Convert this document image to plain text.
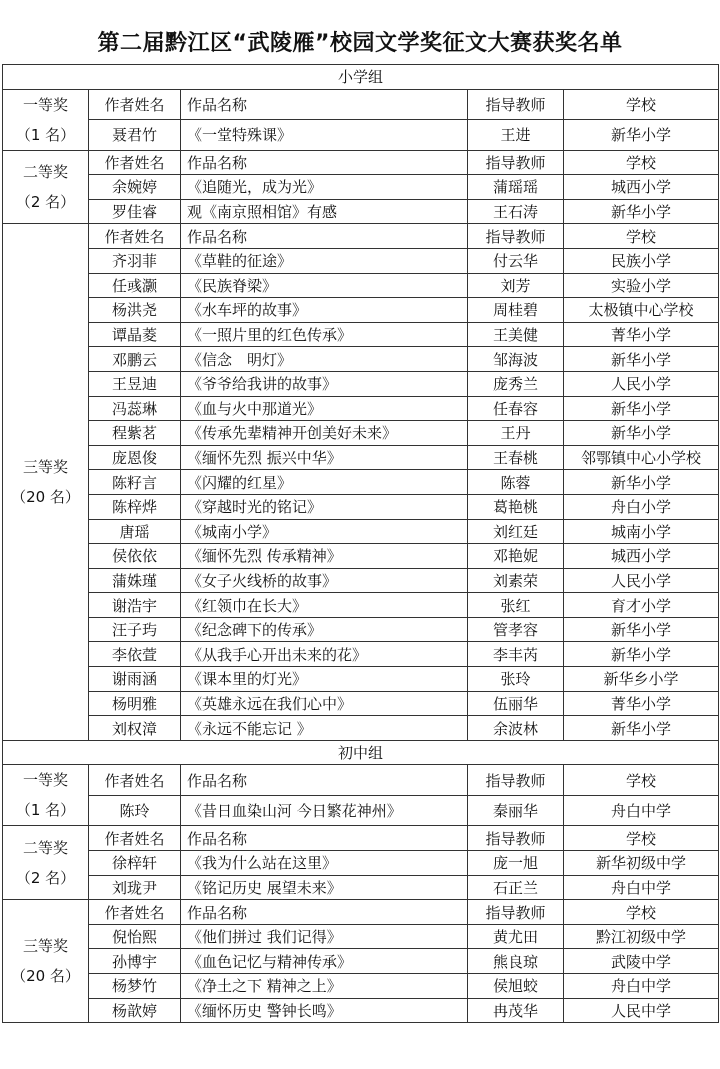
第二届黔江区“武陵雁”校园文学奖征文大赛获奖名单
小学组				

一等奖
（1 名）	作者姓名	作品名称	指导教师	学校
	聂君竹	《一堂特殊课》	王进	新华小学

二等奖
（2 名）	作者姓名	作品名称	指导教师	学校
	余婉婷	《追随光，成为光》	蒲瑶瑶	城西小学
	罗佳睿	观《南京照相馆》有感	王石涛	新华小学

三等奖
（20 名）	作者姓名	作品名称	指导教师	学校
	齐羽菲	《草鞋的征途》	付云华	民族小学
	任彧灏	《民族脊梁》	刘芳	实验小学
	杨洪尧	《水车坪的故事》	周桂碧	太极镇中心学校
	谭晶菱	《一照片里的红色传承》	王美健	菁华小学
	邓鹏云	《信念　明灯》	邹海波	新华小学
	王昱迪	《爷爷给我讲的故事》	庞秀兰	人民小学
	冯蕊琳	《血与火中那道光》	任春容	新华小学
	程紫茗	《传承先辈精神开创美好未来》	王丹	新华小学
	庞恩俊	《缅怀先烈 振兴中华》	王春桃	邻鄂镇中心小学校
	陈籽言	《闪耀的红星》	陈蓉	新华小学
	陈梓烨	《穿越时光的铭记》	葛艳桃	舟白小学
	唐瑶	《城南小学》	刘红廷	城南小学
	侯依依	《缅怀先烈 传承精神》	邓艳妮	城西小学
	蒲姝瑾	《女子火线桥的故事》	刘素荣	人民小学
	谢浩宇	《红领巾在长大》	张红	育才小学
	汪子玙	《纪念碑下的传承》	管孝容	新华小学
	李依萱	《从我手心开出未来的花》	李丰芮	新华小学
	谢雨涵	《课本里的灯光》	张玲	新华乡小学
	杨明雅	《英雄永远在我们心中》	伍丽华	菁华小学
	刘权漳	《永远不能忘记 》	余波林	新华小学
初中组				

一等奖
（1 名）	作者姓名	作品名称	指导教师	学校
	陈玲	《昔日血染山河 今日繁花神州》	秦丽华	舟白中学

二等奖
（2 名）	作者姓名	作品名称	指导教师	学校
	徐梓轩	《我为什么站在这里》	庞一旭	新华初级中学
	刘珑尹	《铭记历史 展望未来》	石正兰	舟白中学

三等奖
（20 名）	作者姓名	作品名称	指导教师	学校
	倪怡熙	《他们拼过 我们记得》	黄尤田	黔江初级中学
	孙博宇	《血色记忆与精神传承》	熊良琼	武陵中学
	杨梦竹	《净土之下 精神之上》	侯旭蛟	舟白中学
	杨歆婷	《缅怀历史 警钟长鸣》	冉茂华	人民中学
